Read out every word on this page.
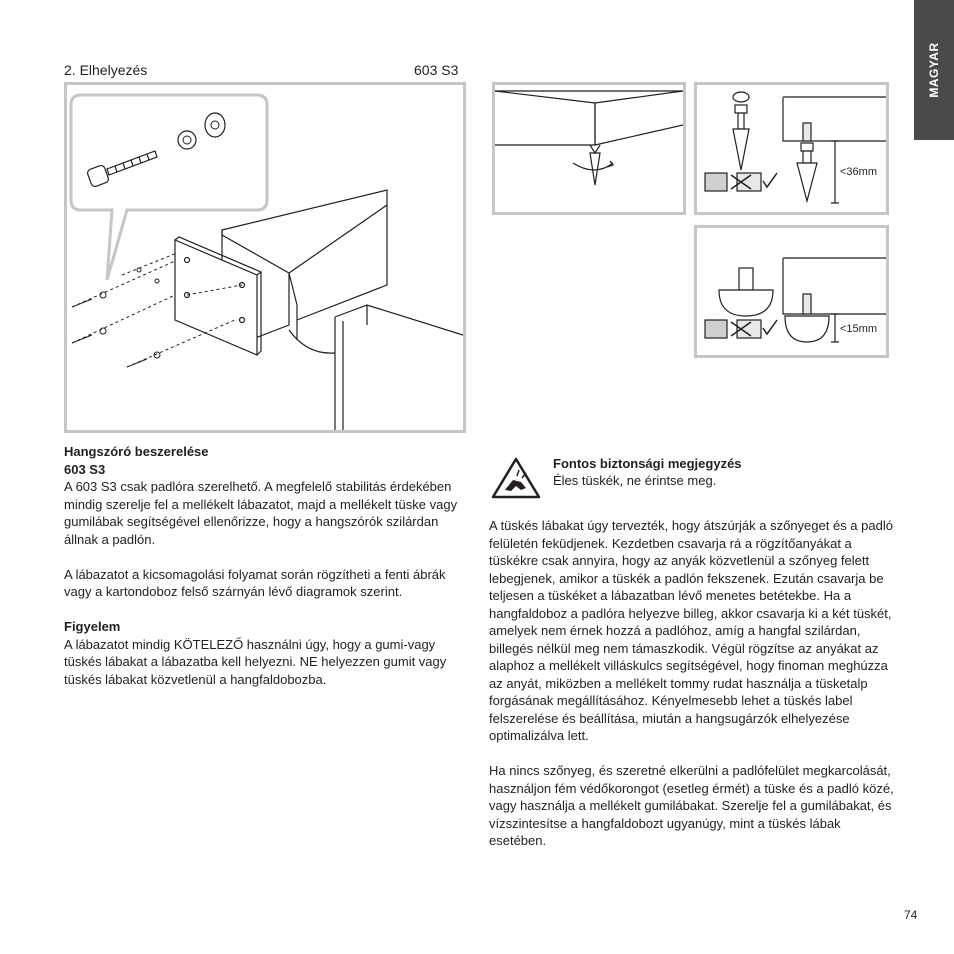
MAGYAR
2. Elhelyezés	603 S3
<36mm
<15mm
Hangszóró beszerelése
603 S3
A 603 S3 csak padlóra szerelhető. A megfelelő stabilitás érdekében mindig szerelje fel a mellékelt lábazatot, majd a mellékelt tüske vagy gumilábak segítségével ellenőrizze, hogy a hangszórók szilárdan állnak a padlón.
A lábazatot a kicsomagolási folyamat során rögzítheti a fenti ábrák vagy a kartondoboz felső szárnyán lévő diagramok szerint.
Figyelem
A lábazatot mindig KÖTELEZŐ használni úgy, hogy a gumi-vagy tüskés lábakat a lábazatba kell helyezni. NE helyezzen gumit vagy tüskés lábakat közvetlenül a hangfaldobozba.
Fontos biztonsági megjegyzés
Éles tüskék, ne érintse meg.
A tüskés lábakat úgy tervezték, hogy átszúrják a szőnyeget és a padló felületén feküdjenek. Kezdetben csavarja rá a rögzítőanyákat a tüskékre csak annyira, hogy az anyák közvetlenül a szőnyeg felett lebegjenek, amikor a tüskék a padlón fekszenek. Ezután csavarja be teljesen a tüskéket a lábazatban lévő menetes betétekbe. Ha a hangfaldoboz a padlóra helyezve billeg, akkor csavarja ki a két tüskét, amelyek nem érnek hozzá a padlóhoz, amíg a hangfal szilárdan, billegés nélkül meg nem támaszkodik. Végül rögzítse az anyákat az alaphoz a mellékelt villáskulcs segítségével, hogy finoman meghúzza az anyát, miközben a mellékelt tommy rudat használja a tüsketalp forgásának megállításához. Kényelmesebb lehet a tüskés label felszerelése és beállítása, miután a hangsugárzók elhelyezése optimalizálva lett.
Ha nincs szőnyeg, és szeretné elkerülni a padlófelület megkarcolását, használjon fém védőkorongot (esetleg érmét) a tüske és a padló közé, vagy használja a mellékelt gumilábakat. Szerelje fel a gumilábakat, és vízszintesítse a hangfaldobozt ugyanúgy, mint a tüskés lábak esetében.
74
